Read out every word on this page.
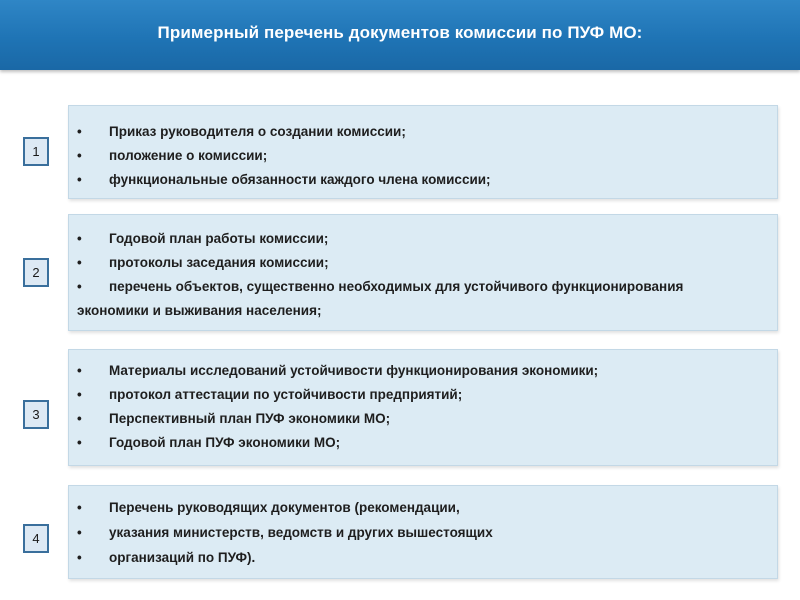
Примерный перечень документов комиссии по ПУФ МО:
1
• Приказ руководителя о создании комиссии;
• положение о комиссии;
• функциональные обязанности каждого члена комиссии;
2
• Годовой план работы комиссии;
• протоколы заседания комиссии;
• перечень объектов, существенно необходимых для устойчивого функционирования
экономики и выживания населения;
3
• Материалы исследований устойчивости функционирования экономики;
• протокол аттестации по устойчивости предприятий;
• Перспективный план ПУФ экономики МО;
• Годовой план ПУФ экономики МО;
4
• Перечень руководящих документов (рекомендации,
• указания министерств, ведомств и других вышестоящих
• организаций по ПУФ).
